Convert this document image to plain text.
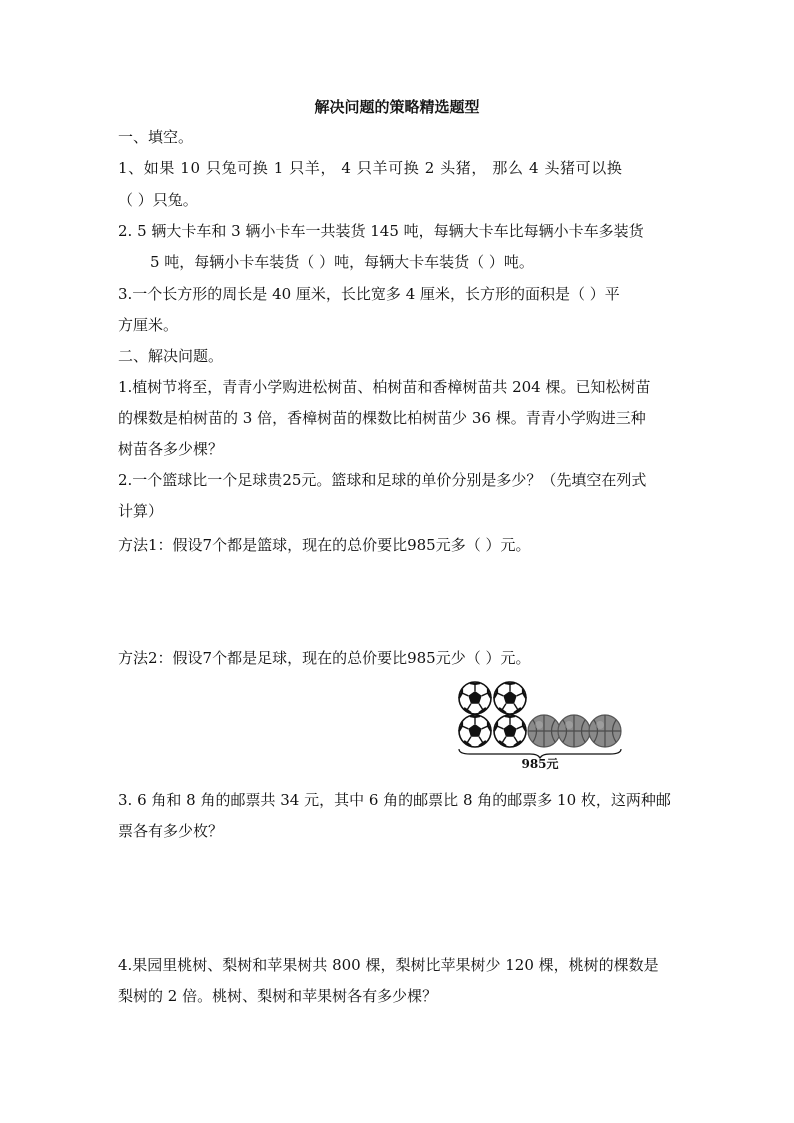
解决问题的策略精选题型
一、填空。
1、如果 10 只兔可换 1 只羊， 4 只羊可换 2 头猪， 那么 4 头猪可以换
（ ）只兔。
2. 5 辆大卡车和 3 辆小卡车一共装货 145 吨，每辆大卡车比每辆小卡车多装货
5 吨，每辆小卡车装货（ ）吨，每辆大卡车装货（ ）吨。
3.一个长方形的周长是 40 厘米，长比宽多 4 厘米，长方形的面积是（ ）平
方厘米。
二、解决问题。
1.植树节将至，青青小学购进松树苗、柏树苗和香樟树苗共 204 棵。已知松树苗
的棵数是柏树苗的 3 倍，香樟树苗的棵数比柏树苗少 36 棵。青青小学购进三种
树苗各多少棵？
2.一个篮球比一个足球贵25元。篮球和足球的单价分别是多少？（先填空在列式
计算）
方法1：假设7个都是篮球，现在的总价要比985元多（ ）元。
方法2：假设7个都是足球，现在的总价要比985元少（ ）元。
985元
3. 6 角和 8 角的邮票共 34 元，其中 6 角的邮票比 8 角的邮票多 10 枚，这两种邮
票各有多少枚？
4.果园里桃树、梨树和苹果树共 800 棵，梨树比苹果树少 120 棵，桃树的棵数是
梨树的 2 倍。桃树、梨树和苹果树各有多少棵？
